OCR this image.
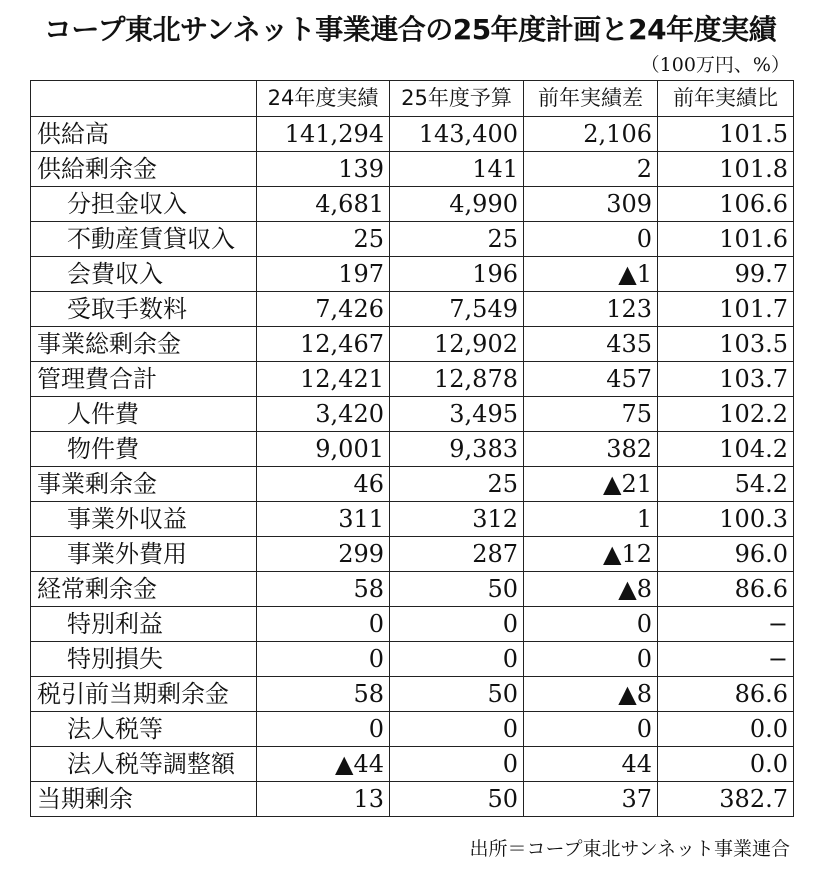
コープ東北サンネット事業連合の25年度計画と24年度実績
（100万円、%）
	24年度実績	25年度予算	前年実績差	前年実績比
供給高	141,294	143,400	2,106	101.5
供給剰余金	139	141	2	101.8
分担金収入	4,681	4,990	309	106.6
不動産賃貸収入	25	25	0	101.6
会費収入	197	196	▲1	99.7
受取手数料	7,426	7,549	123	101.7
事業総剰余金	12,467	12,902	435	103.5
管理費合計	12,421	12,878	457	103.7
人件費	3,420	3,495	75	102.2
物件費	9,001	9,383	382	104.2
事業剰余金	46	25	▲21	54.2
事業外収益	311	312	1	100.3
事業外費用	299	287	▲12	96.0
経常剰余金	58	50	▲8	86.6
特別利益	0	0	0	−
特別損失	0	0	0	−
税引前当期剰余金	58	50	▲8	86.6
法人税等	0	0	0	0.0
法人税等調整額	▲44	0	44	0.0
当期剰余	13	50	37	382.7
出所＝コープ東北サンネット事業連合
